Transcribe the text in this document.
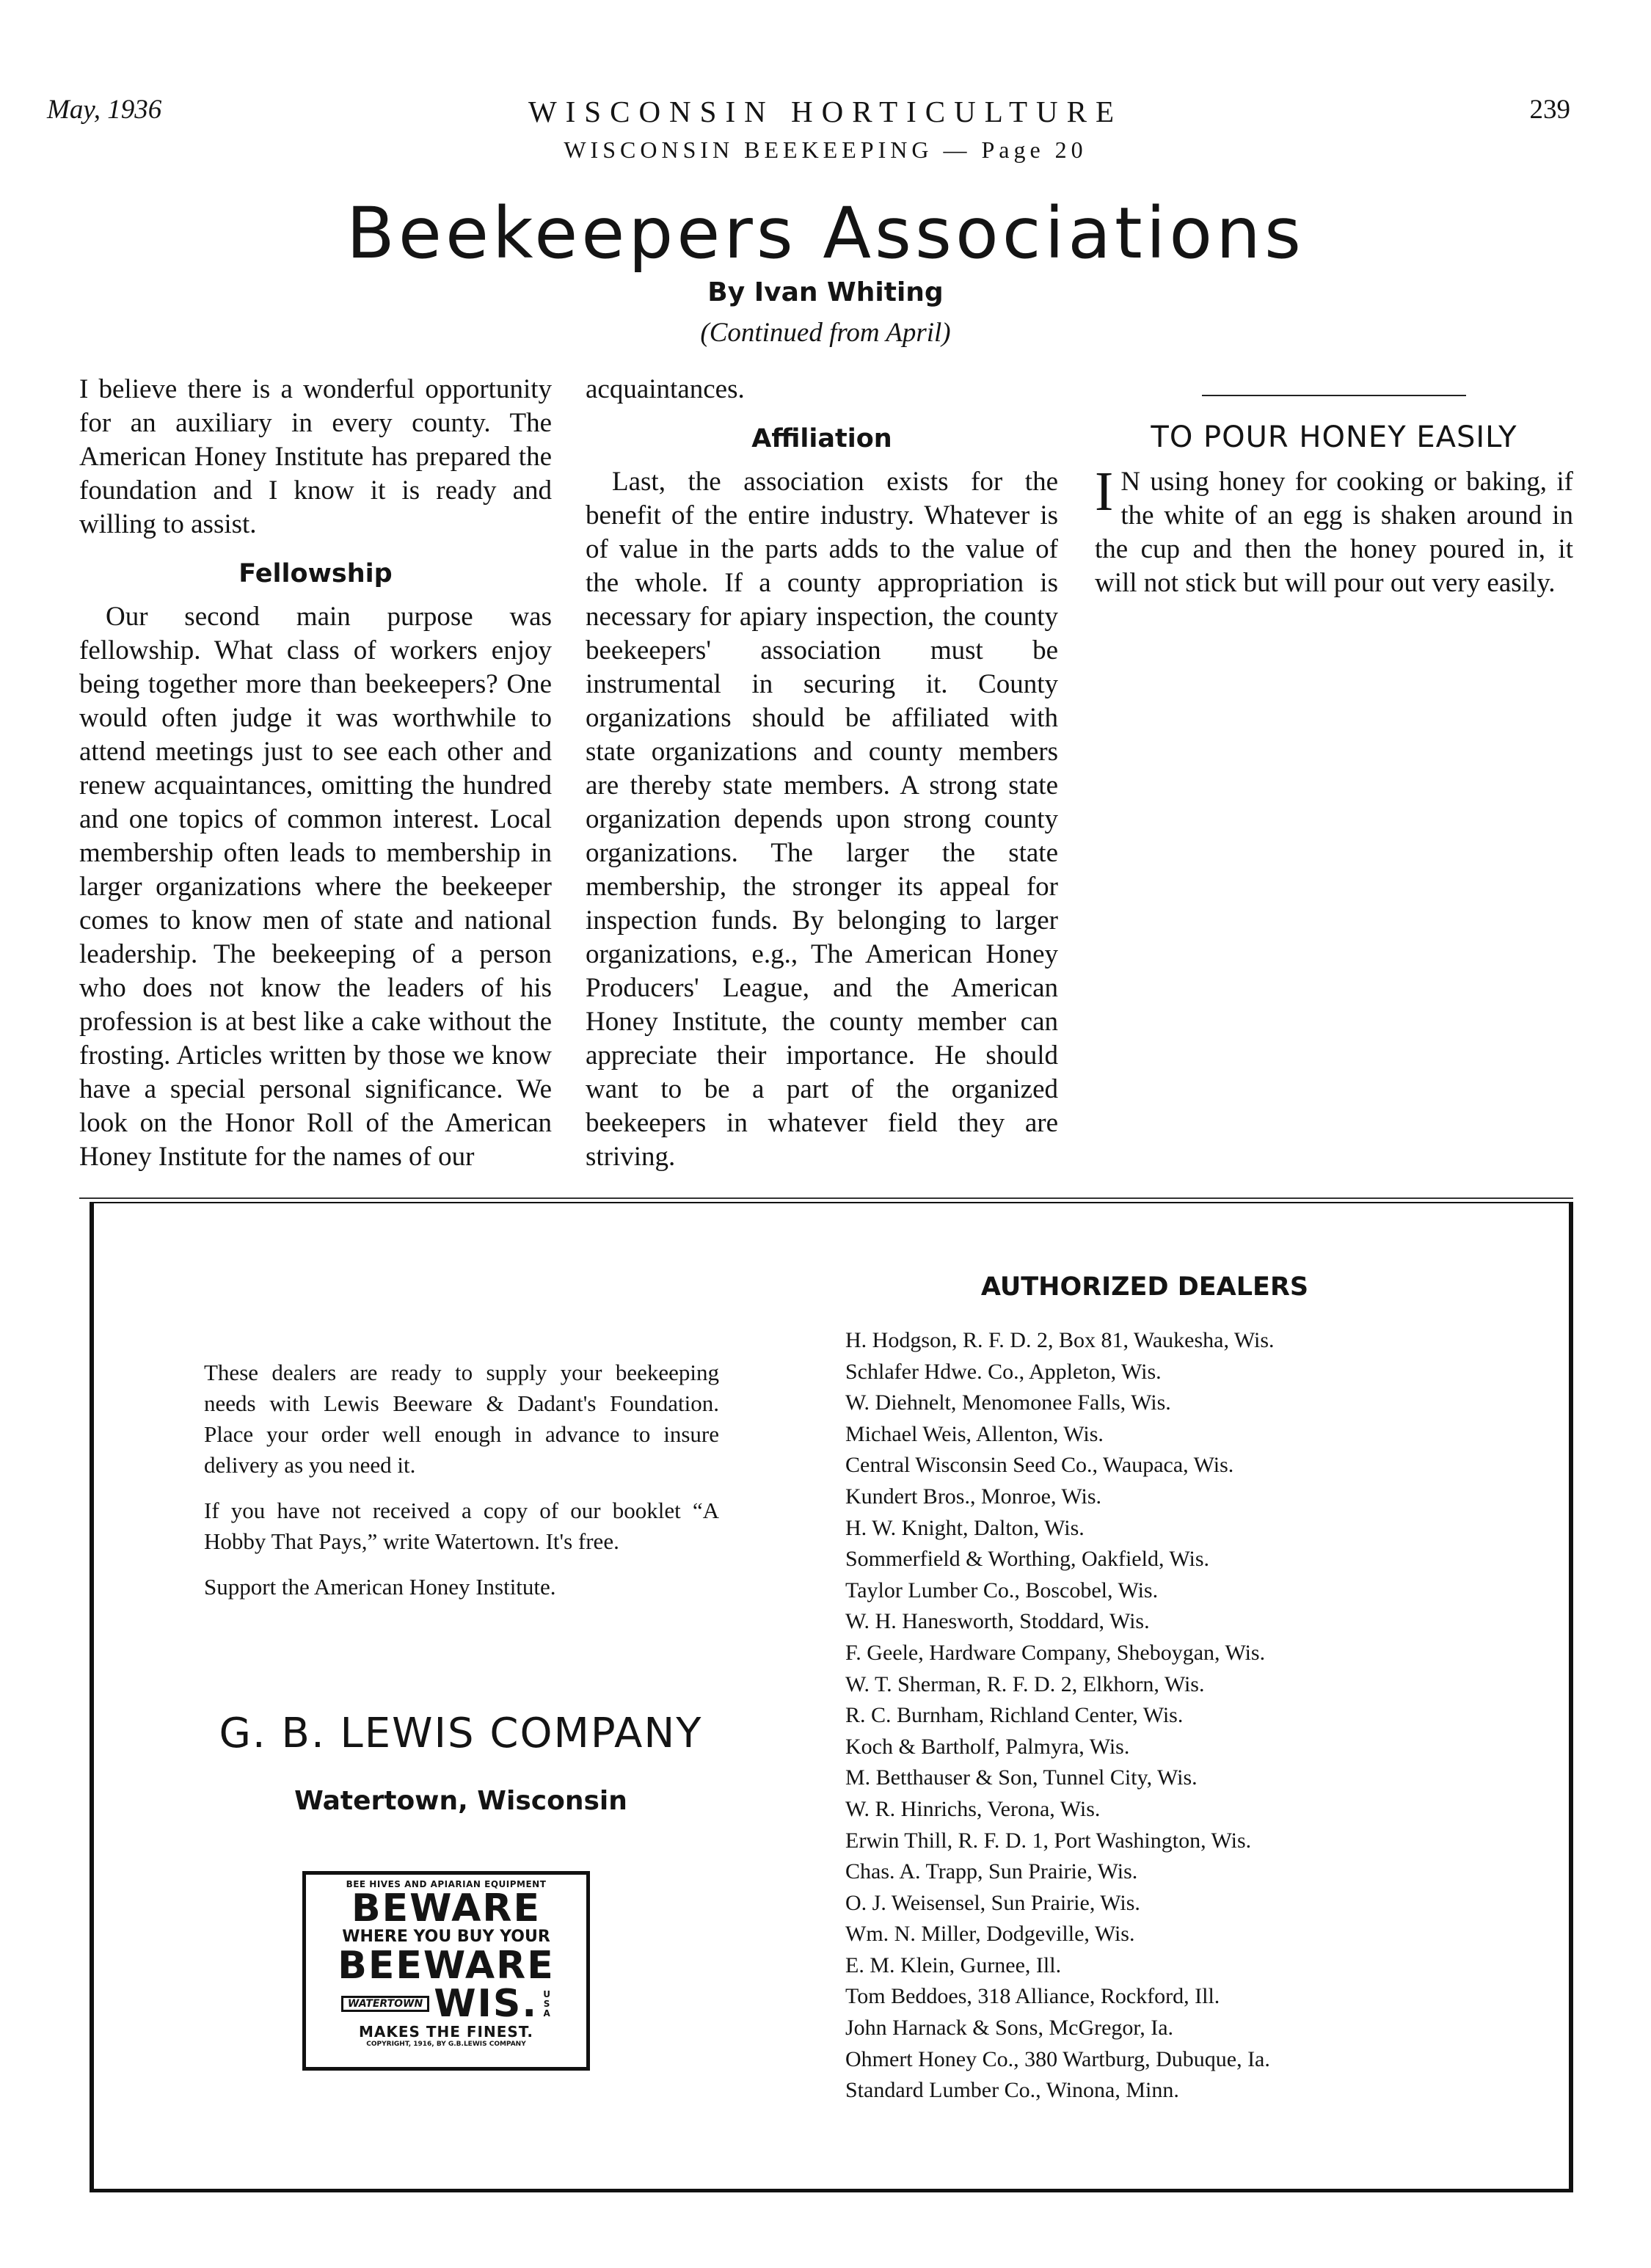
May, 1936	WISCONSIN HORTICULTURE	239
WISCONSIN BEEKEEPING — Page 20
Beekeepers Associations
By Ivan Whiting
(Continued from April)

I believe there is a wonderful opportunity for an auxiliary in every county. The American Honey Institute has prepared the foundation and I know it is ready and willing to assist.

Fellowship

Our second main purpose was fellowship. What class of workers enjoy being together more than beekeepers? One would often judge it was worthwhile to attend meetings just to see each other and renew acquaintances, omitting the hundred and one topics of common interest. Local membership often leads to membership in larger organizations where the beekeeper comes to know men of state and national leadership. The beekeeping of a person who does not know the leaders of his profession is at best like a cake without the frosting. Articles written by those we know have a special personal significance. We look on the Honor Roll of the American Honey Institute for the names of our

acquaintances.

Affiliation

Last, the association exists for the benefit of the entire industry. Whatever is of value in the parts adds to the value of the whole. If a county appropriation is necessary for apiary inspection, the county beekeepers' association must be instrumental in securing it. County organizations should be affiliated with state organizations and county members are thereby state members. A strong state organization depends upon strong county organizations. The larger the state membership, the stronger its appeal for inspection funds. By belonging to larger organizations, e.g., The American Honey Producers' League, and the American Honey Institute, the county member can appreciate their importance. He should want to be a part of the organized beekeepers in whatever field they are striving.

TO POUR HONEY EASILY

I N using honey for cooking or baking, if the white of an egg is shaken around in the cup and then the honey poured in, it will not stick but will pour out very easily.

These dealers are ready to supply your beekeeping needs with Lewis Beeware & Dadant's Foundation. Place your order well enough in advance to insure delivery as you need it.

If you have not received a copy of our booklet “A Hobby That Pays,” write Watertown. It's free.

Support the American Honey Institute.

G. B. LEWIS COMPANY
Watertown, Wisconsin
BEE HIVES AND APIARIAN EQUIPMENT
BEWARE
WHERE YOU BUY YOUR
BEEWARE
WATERTOWN WIS. USA
MAKES THE FINEST.
COPYRIGHT, 1916, BY G.B.LEWIS COMPANY
AUTHORIZED DEALERS
H. Hodgson, R. F. D. 2, Box 81, Waukesha, Wis.
Schlafer Hdwe. Co., Appleton, Wis.
W. Diehnelt, Menomonee Falls, Wis.
Michael Weis, Allenton, Wis.
Central Wisconsin Seed Co., Waupaca, Wis.
Kundert Bros., Monroe, Wis.
H. W. Knight, Dalton, Wis.
Sommerfield & Worthing, Oakfield, Wis.
Taylor Lumber Co., Boscobel, Wis.
W. H. Hanesworth, Stoddard, Wis.
F. Geele, Hardware Company, Sheboygan, Wis.
W. T. Sherman, R. F. D. 2, Elkhorn, Wis.
R. C. Burnham, Richland Center, Wis.
Koch & Bartholf, Palmyra, Wis.
M. Betthauser & Son, Tunnel City, Wis.
W. R. Hinrichs, Verona, Wis.
Erwin Thill, R. F. D. 1, Port Washington, Wis.
Chas. A. Trapp, Sun Prairie, Wis.
O. J. Weisensel, Sun Prairie, Wis.
Wm. N. Miller, Dodgeville, Wis.
E. M. Klein, Gurnee, Ill.
Tom Beddoes, 318 Alliance, Rockford, Ill.
John Harnack & Sons, McGregor, Ia.
Ohmert Honey Co., 380 Wartburg, Dubuque, Ia.
Standard Lumber Co., Winona, Minn.
